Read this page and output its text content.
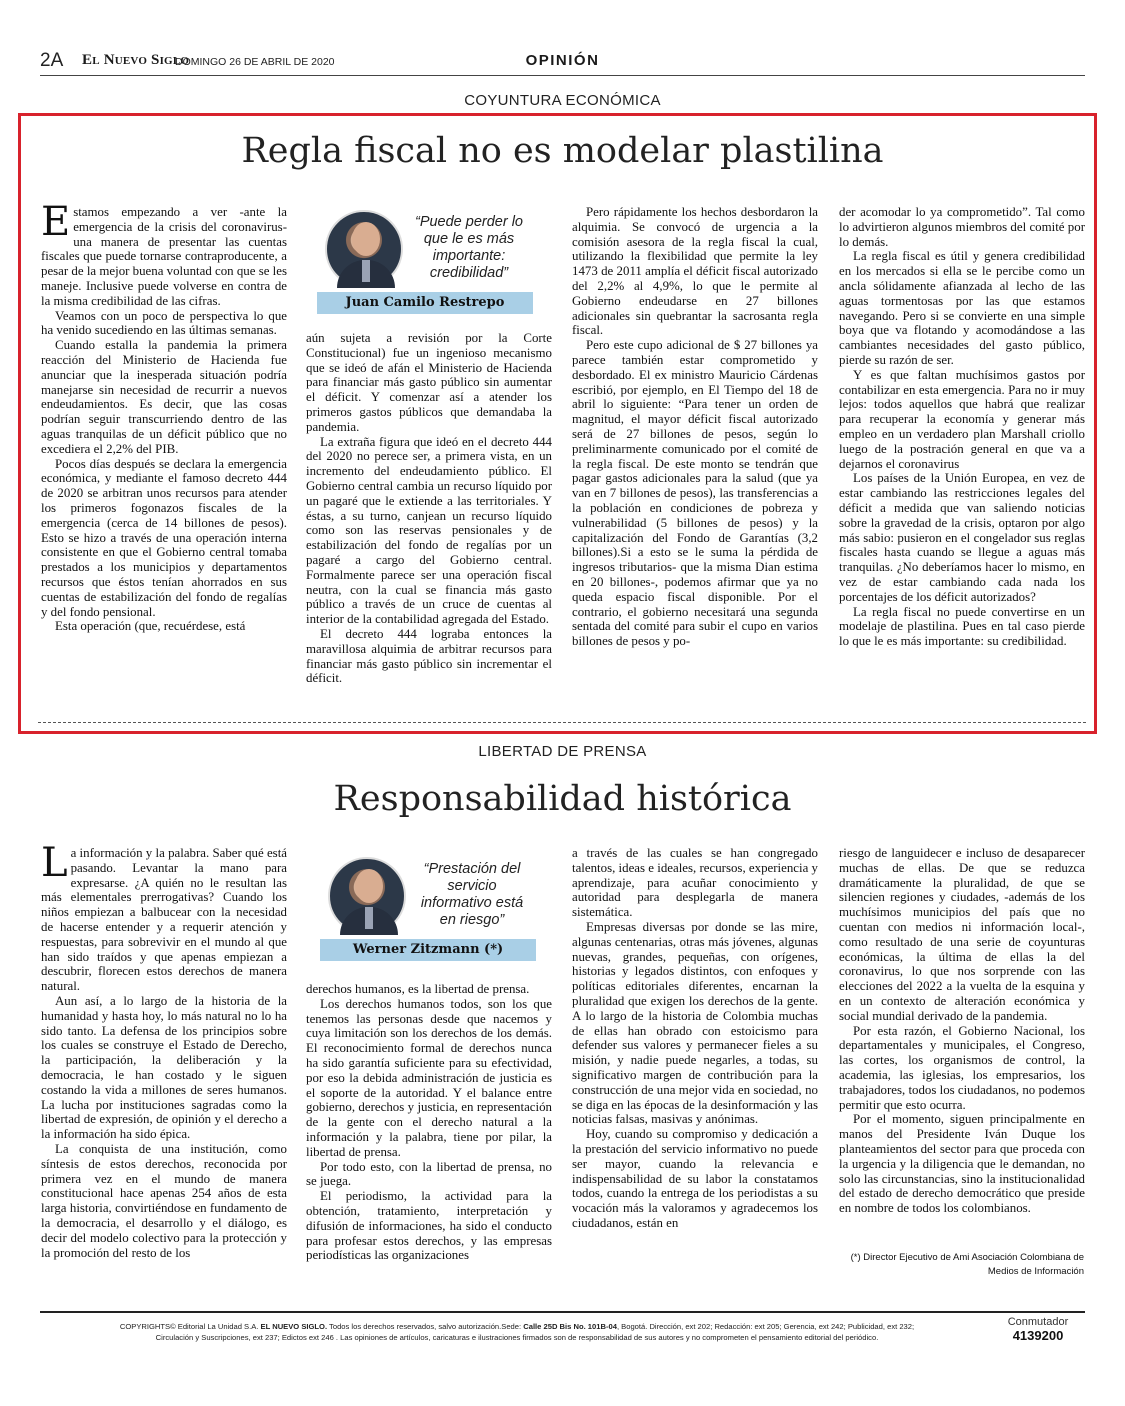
2A El Nuevo Siglo
DOMINGO 26 DE ABRIL DE 2020	OPINIÓN
COYUNTURA ECONÓMICA
Regla fiscal no es modelar plastilina

Estamos empezando a ver -ante la emergencia de la crisis del coronavirus- una manera de presentar las cuentas fiscales que puede tornarse contraproducente, a pesar de la mejor buena voluntad con que se les maneje. Inclusive puede volverse en contra de la misma credibilidad de las cifras.

Veamos con un poco de perspectiva lo que ha venido sucediendo en las últimas semanas.

Cuando estalla la pandemia la primera reacción del Ministerio de Hacienda fue anunciar que la inesperada situación podría manejarse sin necesidad de recurrir a nuevos endeudamientos. Es decir, que las cosas podrían seguir transcurriendo dentro de las aguas tranquilas de un déficit público que no excediera el 2,2% del PIB.

Pocos días después se declara la emergencia económica, y mediante el famoso decreto 444 de 2020 se arbitran unos recursos para atender los primeros fogonazos fiscales de la emergencia (cerca de 14 billones de pesos). Esto se hizo a través de una operación interna consistente en que el Gobierno central tomaba prestados a los municipios y departamentos recursos que éstos tenían ahorrados en sus cuentas de estabilización del fondo de regalías y del fondo pensional.

Esta operación (que, recuérdese, está

“Puede perder lo que le es más importante: credibilidad”
Juan Camilo Restrepo

aún sujeta a revisión por la Corte Constitucional) fue un ingenioso mecanismo que se ideó de afán el Ministerio de Hacienda para financiar más gasto público sin aumentar el déficit. Y comenzar así a atender los primeros gastos públicos que demandaba la pandemia.

La extraña figura que ideó en el decreto 444 del 2020 no perece ser, a primera vista, en un incremento del endeudamiento público. El Gobierno central cambia un recurso líquido por un pagaré que le extiende a las territoriales. Y éstas, a su turno, canjean un recurso líquido como son las reservas pensionales y de estabilización del fondo de regalías por un pagaré a cargo del Gobierno central. Formalmente parece ser una operación fiscal neutra, con la cual se financia más gasto público a través de un cruce de cuentas al interior de la contabilidad agregada del Estado.

El decreto 444 lograba entonces la maravillosa alquimia de arbitrar recursos para financiar más gasto público sin incrementar el déficit.

Pero rápidamente los hechos desbordaron la alquimia. Se convocó de urgencia a la comisión asesora de la regla fiscal la cual, utilizando la flexibilidad que permite la ley 1473 de 2011 amplía el déficit fiscal autorizado del 2,2% al 4,9%, lo que le permite al Gobierno endeudarse en 27 billones adicionales sin quebrantar la sacrosanta regla fiscal.

Pero este cupo adicional de $ 27 billones ya parece también estar comprometido y desbordado. El ex ministro Mauricio Cárdenas escribió, por ejemplo, en El Tiempo del 18 de abril lo siguiente: “Para tener un orden de magnitud, el mayor déficit fiscal autorizado será de 27 billones de pesos, según lo preliminarmente comunicado por el comité de la regla fiscal. De este monto se tendrán que pagar gastos adicionales para la salud (que ya van en 7 billones de pesos), las transferencias a la población en condiciones de pobreza y vulnerabilidad (5 billones de pesos) y la capitalización del Fondo de Garantías (3,2 billones).Si a esto se le suma la pérdida de ingresos tributarios- que la misma Dian estima en 20 billones-, podemos afirmar que ya no queda espacio fiscal disponible. Por el contrario, el gobierno necesitará una segunda sentada del comité para subir el cupo en varios billones de pesos y po-

der acomodar lo ya comprometido”. Tal como lo advirtieron algunos miembros del comité por lo demás.

La regla fiscal es útil y genera credibilidad en los mercados si ella se le percibe como un ancla sólidamente afianzada al lecho de las aguas tormentosas por las que estamos navegando. Pero si se convierte en una simple boya que va flotando y acomodándose a las cambiantes necesidades del gasto público, pierde su razón de ser.

Y es que faltan muchísimos gastos por contabilizar en esta emergencia. Para no ir muy lejos: todos aquellos que habrá que realizar para recuperar la economía y generar más empleo en un verdadero plan Marshall criollo luego de la postración general en que va a dejarnos el coronavirus

Los países de la Unión Europea, en vez de estar cambiando las restricciones legales del déficit a medida que van saliendo noticias sobre la gravedad de la crisis, optaron por algo más sabio: pusieron en el congelador sus reglas fiscales hasta cuando se llegue a aguas más tranquilas. ¿No deberíamos hacer lo mismo, en vez de estar cambiando cada nada los porcentajes de los déficit autorizados?

La regla fiscal no puede convertirse en un modelaje de plastilina. Pues en tal caso pierde lo que le es más importante: su credibilidad.

LIBERTAD DE PRENSA
Responsabilidad histórica

La información y la palabra. Saber qué está pasando. Levantar la mano para expresarse. ¿A quién no le resultan las más elementales prerrogativas? Cuando los niños empiezan a balbucear con la necesidad de hacerse entender y a requerir atención y respuestas, para sobrevivir en el mundo al que han sido traídos y que apenas empiezan a descubrir, florecen estos derechos de manera natural.

Aun así, a lo largo de la historia de la humanidad y hasta hoy, lo más natural no lo ha sido tanto. La defensa de los principios sobre los cuales se construye el Estado de Derecho, la participación, la deliberación y la democracia, le han costado y le siguen costando la vida a millones de seres humanos. La lucha por instituciones sagradas como la libertad de expresión, de opinión y el derecho a la información ha sido épica.

La conquista de una institución, como síntesis de estos derechos, reconocida por primera vez en el mundo de manera constitucional hace apenas 254 años de esta larga historia, convirtiéndose en fundamento de la democracia, el desarrollo y el diálogo, es decir del modelo colectivo para la protección y la promoción del resto de los

“Prestación del servicio informativo está en riesgo”
Werner Zitzmann (*)

derechos humanos, es la libertad de prensa.

Los derechos humanos todos, son los que tenemos las personas desde que nacemos y cuya limitación son los derechos de los demás. El reconocimiento formal de derechos nunca ha sido garantía suficiente para su efectividad, por eso la debida administración de justicia es el soporte de la autoridad. Y el balance entre gobierno, derechos y justicia, en representación de la gente con el derecho natural a la información y la palabra, tiene por pilar, la libertad de prensa.

Por todo esto, con la libertad de prensa, no se juega.

El periodismo, la actividad para la obtención, tratamiento, interpretación y difusión de informaciones, ha sido el conducto para profesar estos derechos, y las empresas periodísticas las organizaciones

a través de las cuales se han congregado talentos, ideas e ideales, recursos, experiencia y aprendizaje, para acuñar conocimiento y autoridad para desplegarla de manera sistemática.

Empresas diversas por donde se las mire, algunas centenarias, otras más jóvenes, algunas nuevas, grandes, pequeñas, con orígenes, historias y legados distintos, con enfoques y políticas editoriales diferentes, encarnan la pluralidad que exigen los derechos de la gente. A lo largo de la historia de Colombia muchas de ellas han obrado con estoicismo para defender sus valores y permanecer fieles a su misión, y nadie puede negarles, a todas, su significativo margen de contribución para la construcción de una mejor vida en sociedad, no se diga en las épocas de la desinformación y las noticias falsas, masivas y anónimas.

Hoy, cuando su compromiso y dedicación a la prestación del servicio informativo no puede ser mayor, cuando la relevancia e indispensabilidad de su labor la constatamos todos, cuando la entrega de los periodistas a su vocación más la valoramos y agradecemos los ciudadanos, están en

riesgo de languidecer e incluso de desaparecer muchas de ellas. De que se reduzca dramáticamente la pluralidad, de que se silencien regiones y ciudades, -además de los muchísimos municipios del país que no cuentan con medios ni información local-, como resultado de una serie de coyunturas económicas, la última de ellas la del coronavirus, lo que nos sorprende con las elecciones del 2022 a la vuelta de la esquina y en un contexto de alteración económica y social mundial derivado de la pandemia.

Por esta razón, el Gobierno Nacional, los departamentales y municipales, el Congreso, las cortes, los organismos de control, la academia, las iglesias, los empresarios, los trabajadores, todos los ciudadanos, no podemos permitir que esto ocurra.

Por el momento, siguen principalmente en manos del Presidente Iván Duque los planteamientos del sector para que proceda con la urgencia y la diligencia que le demandan, no solo las circunstancias, sino la institucionalidad del estado de derecho democrático que preside en nombre de todos los colombianos.

(*) Director Ejecutivo de Ami Asociación Colombiana de Medios de Información
COPYRIGHTS© Editorial La Unidad S.A. EL NUEVO SIGLO. Todos los derechos reservados, salvo autorización.Sede: Calle 25D Bis No. 101B-04, Bogotá. Dirección, ext 202; Redacción: ext 205; Gerencia, ext 242; Publicidad, ext 232;
Circulación y Suscripciones, ext 237; Edictos ext 246 . Las opiniones de artículos, caricaturas e ilustraciones firmados son de responsabilidad de sus autores y no comprometen el pensamiento editorial del periódico.
Conmutador
4139200
